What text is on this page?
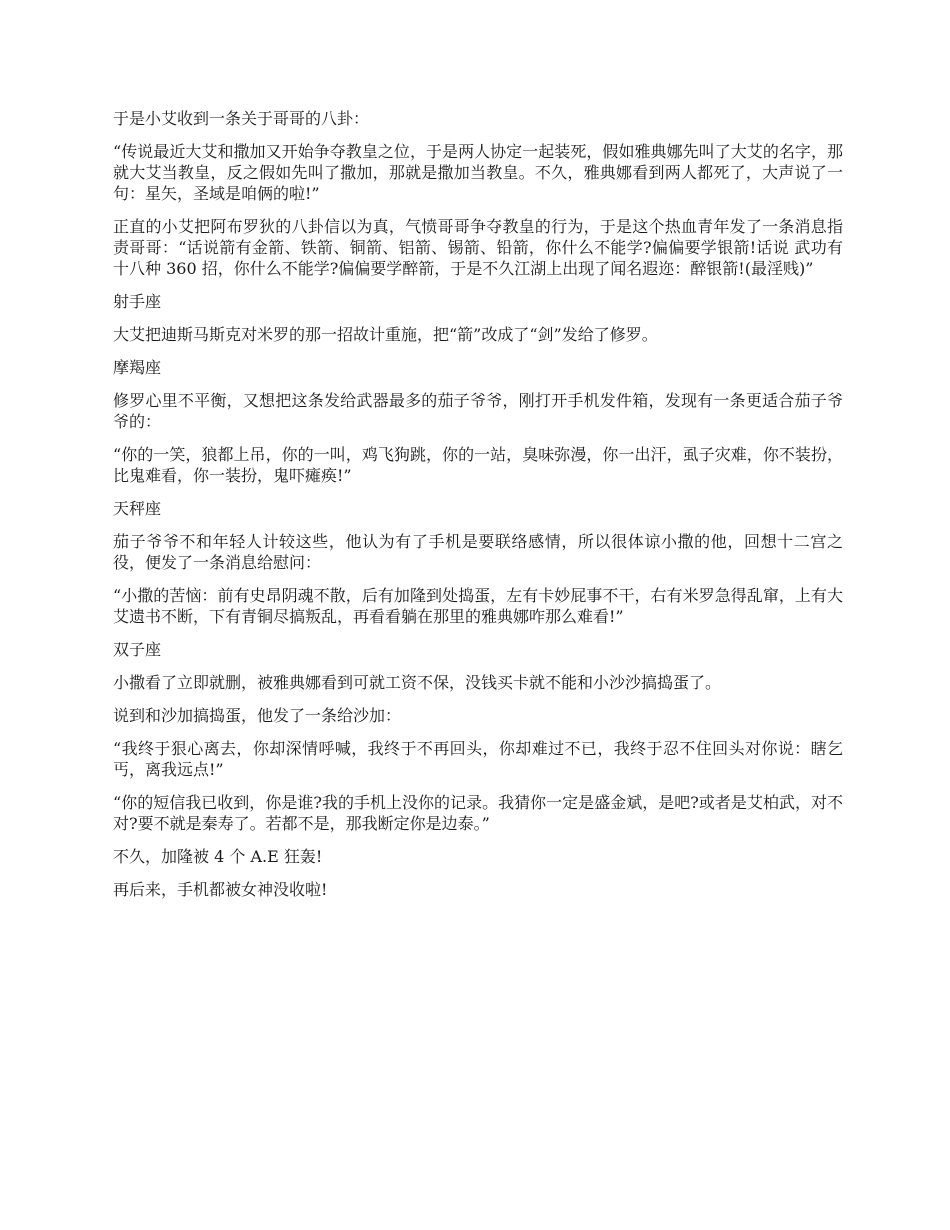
于是小艾收到一条关于哥哥的八卦：

“传说最近大艾和撒加又开始争夺教皇之位，于是两人协定一起装死，假如雅典娜先叫了大艾的名字，那就大艾当教皇，反之假如先叫了撒加，那就是撒加当教皇。不久，雅典娜看到两人都死了，大声说了一句：星矢，圣域是咱俩的啦!”

正直的小艾把阿布罗狄的八卦信以为真，气愤哥哥争夺教皇的行为，于是这个热血青年发了一条消息指责哥哥：“话说箭有金箭、铁箭、铜箭、铝箭、锡箭、铅箭，你什么不能学?偏偏要学银箭!话说 武功有十八种 360 招，你什么不能学?偏偏要学醉箭，于是不久江湖上出现了闻名遐迩：醉银箭!(最淫贱)”

射手座

大艾把迪斯马斯克对米罗的那一招故计重施，把“箭”改成了“剑”发给了修罗。

摩羯座

修罗心里不平衡，又想把这条发给武器最多的茄子爷爷，刚打开手机发件箱，发现有一条更适合茄子爷爷的：

“你的一笑，狼都上吊，你的一叫，鸡飞狗跳，你的一站，臭味弥漫，你一出汗，虱子灾难，你不装扮，比鬼难看，你一装扮，鬼吓瘫痪!”

天秤座

茄子爷爷不和年轻人计较这些，他认为有了手机是要联络感情，所以很体谅小撒的他，回想十二宫之役，便发了一条消息给慰问：

“小撒的苦恼：前有史昂阴魂不散，后有加隆到处捣蛋，左有卡妙屁事不干，右有米罗急得乱窜，上有大艾遗书不断，下有青铜尽搞叛乱，再看看躺在那里的雅典娜咋那么难看!”

双子座

小撒看了立即就删，被雅典娜看到可就工资不保，没钱买卡就不能和小沙沙搞捣蛋了。

说到和沙加搞捣蛋，他发了一条给沙加：

“我终于狠心离去，你却深情呼喊，我终于不再回头，你却难过不已，我终于忍不住回头对你说：瞎乞丐，离我远点!”

“你的短信我已收到，你是谁?我的手机上没你的记录。我猜你一定是盛金斌，是吧?或者是艾柏武，对不对?要不就是秦寿了。若都不是，那我断定你是边泰。”

不久，加隆被 4 个 A.E 狂轰!

再后来，手机都被女神没收啦!
